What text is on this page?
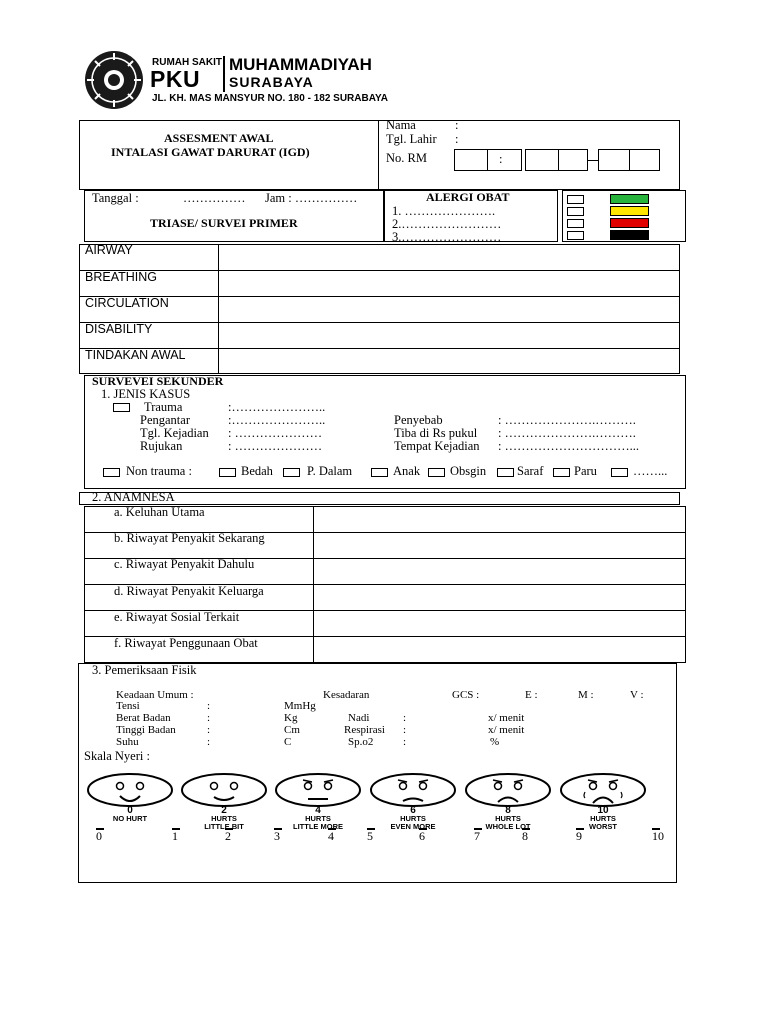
RUMAH SAKIT
PKU
MUHAMMADIYAH
SURABAYA
JL. KH. MAS MANSYUR NO. 180 - 182 SURABAYA
ASSESMENT AWAL
INTALASI GAWAT DARURAT (IGD)
Nama	:
Tgl. Lahir :
No. RM	:
Tanggal :	…………… Jam : ……………
TRIASE/ SURVEI PRIMER
ALERGI OBAT
1. ………………….
2.……………………
3.……………………
AIRWAY
BREATHING
CIRCULATION
DISABILITY
TINDAKAN AWAL
SURVEVEI SEKUNDER
1. JENIS KASUS
Trauma	:…………………..
Pengantar	:…………………..
Tgl. Kejadian : …………………
Rujukan	: …………………
Penyebab	: ………………….……….
Tiba di Rs pukul : ………………….……….
Tempat Kejadian : …………………………...
Non trauma :	Bedah	P. Dalam	Anak Obsgin Saraf Paru	……...
2. ANAMNESA
a. Keluhan Utama
b. Riwayat Penyakit Sekarang
c. Riwayat Penyakit Dahulu
d. Riwayat Penyakit Keluarga
e. Riwayat Sosial Terkait
f. Riwayat Penggunaan Obat
3. Pemeriksaan Fisik
Keadaan Umum :	Kesadaran	GCS :	E :	M :	V :
Tensi	:	MmHg
Berat Badan	:	Kg	Nadi	:	x/ menit
Tinggi Badan	:	Cm	Respirasi :	x/ menit
Suhu	:	C	Sp.o2	:	%
Skala Nyeri :
0
NO HURT
2
HURTS
LITTLE BIT
4
HURTS
LITTLE MORE
6
HURTS
EVEN MORE
8
HURTS
WHOLE LOT
10
HURTS
WORST
0	1	2	3	4	5	6	7	8	9	10
